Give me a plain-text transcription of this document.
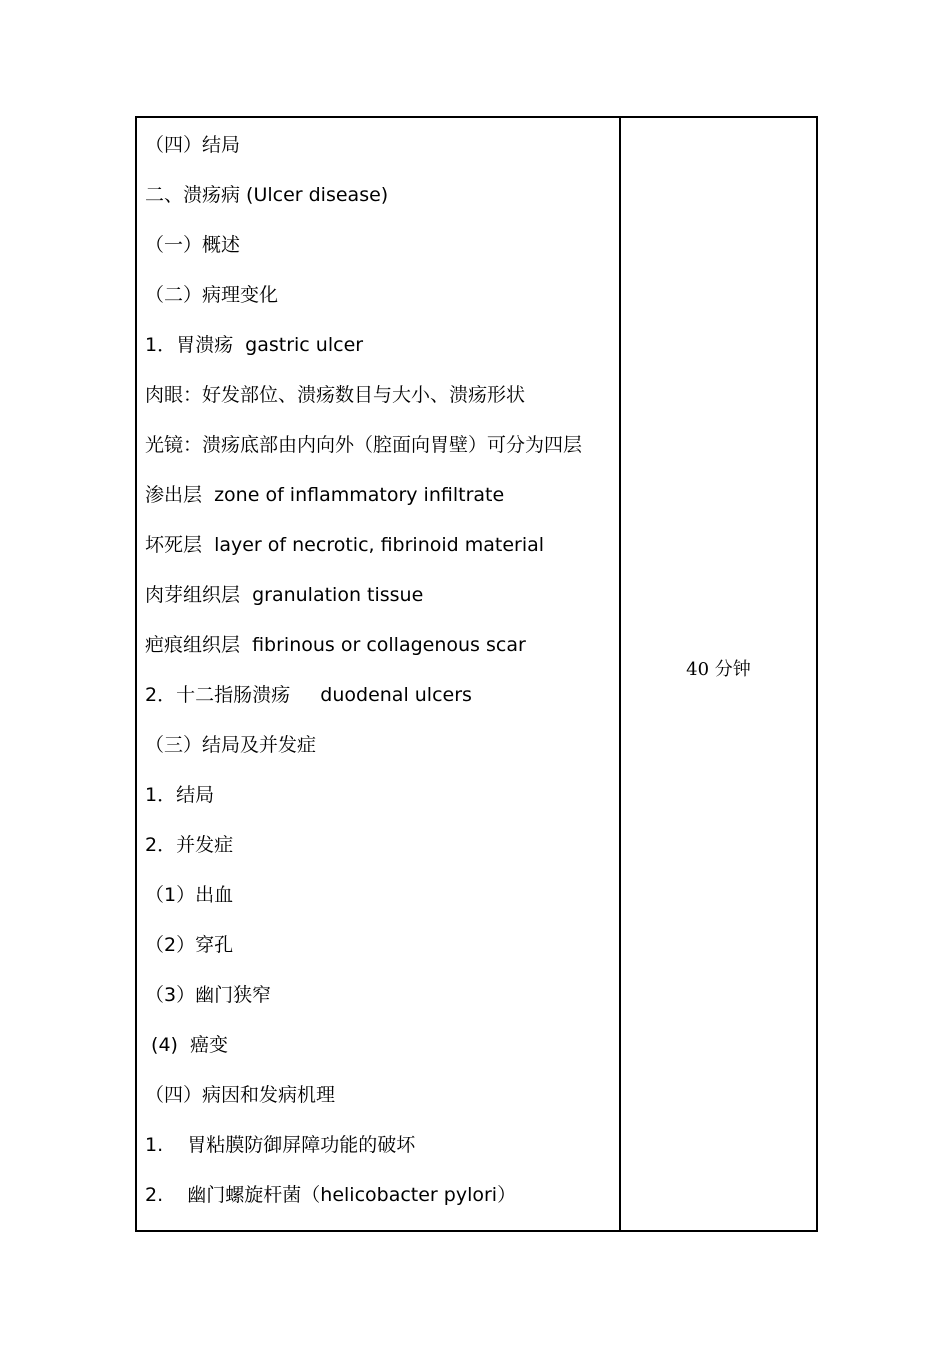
（四）结局
二、溃疡病 (Ulcer disease)
（一）概述
（二）病理变化
1．胃溃疡  gastric ulcer
肉眼：好发部位、溃疡数目与大小、溃疡形状
光镜：溃疡底部由内向外（腔面向胃壁）可分为四层
渗出层  zone of inflammatory infiltrate
坏死层  layer of necrotic, fibrinoid material
肉芽组织层  granulation tissue
疤痕组织层  fibrinous or collagenous scar
2．十二指肠溃疡     duodenal ulcers
（三）结局及并发症
1．结局
2．并发症
（1）出血
（2）穿孔
（3）幽门狭窄
(4)  癌变
（四）病因和发病机理
1.    胃粘膜防御屏障功能的破坏
2.    幽门螺旋杆菌（helicobacter pylori）
	40 分钟
